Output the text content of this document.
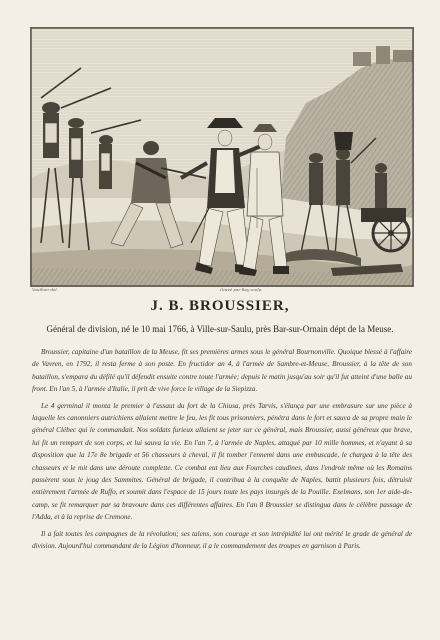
Vauthier del.	Gravé par Roy sculp.
J. B. BROUSSIER,
Général de division, né le 10 mai 1766, à Ville-sur-Saulu, près Bar-sur-Ornain dépt de la Meuse.

Broussier, capitaine d'un bataillon de la Meuse, fit ses premières armes sous le général Bournonville. Quoique blessé à l'affaire de Vavren, en 1792, il resta ferme à son poste. En fructidor an 4, à l'armée de Sambre-et-Meuse, Broussier, à la tête de son bataillon, s'empara du défilé qu'il défendit ensuite contre toute l'armée; depuis le matin jusqu'au soir qu'il fut atteint d'une balle au front. En l'an 5, à l'armée d'Italie, il prit de vive force le village de la Siepizza.

Le 4 germinal il monta le premier à l'assaut du fort de la Chiusa, près Tarvis, s'élança par une embrasure sur une pièce à laquelle les canonniers autrichiens allaient mettre le feu, les fit tous prisonniers, pénétra dans le fort et sauva de sa propre main le général Clébec qui le commandait. Nos soldats furieux allaient se jeter sur ce général, mais Broussier, aussi généreux que brave, lui fit un rempart de son corps, et lui sauva la vie. En l'an 7, à l'armée de Naples, attaqué par 10 mille hommes, et n'ayant à sa disposition que la 17e 8e brigade et 56 chasseurs à cheval, il fit tomber l'ennemi dans une embuscade, le chargea à la tête des chasseurs et le mit dans une déroute complette. Ce combat eut lieu aux Fourches caudines, dans l'endroit même où les Romains passèrent sous le joug des Sammites. Général de brigade, il contribua à la conquête de Naples, battit plusieurs fois, détruisit entièrement l'armée de Ruffo, et soumit dans l'espace de 15 jours toute les pays insurgés de la Pouille. Exelmans, son 1er aide-de-camp, se fit remarquer par sa bravoure dans ces différentes affaires. En l'an 8 Broussier se distingua dans le célèbre passage de l'Adda, et à la reprise de Cremone.

Il a fait toutes les campagnes de la révolution; ses talens, son courage et son intrépidité lui ont mérité le grade de général de division. Aujourd'hui commandant de la Légion d'honneur, il a le commandement des troupes en garnison à Paris.
